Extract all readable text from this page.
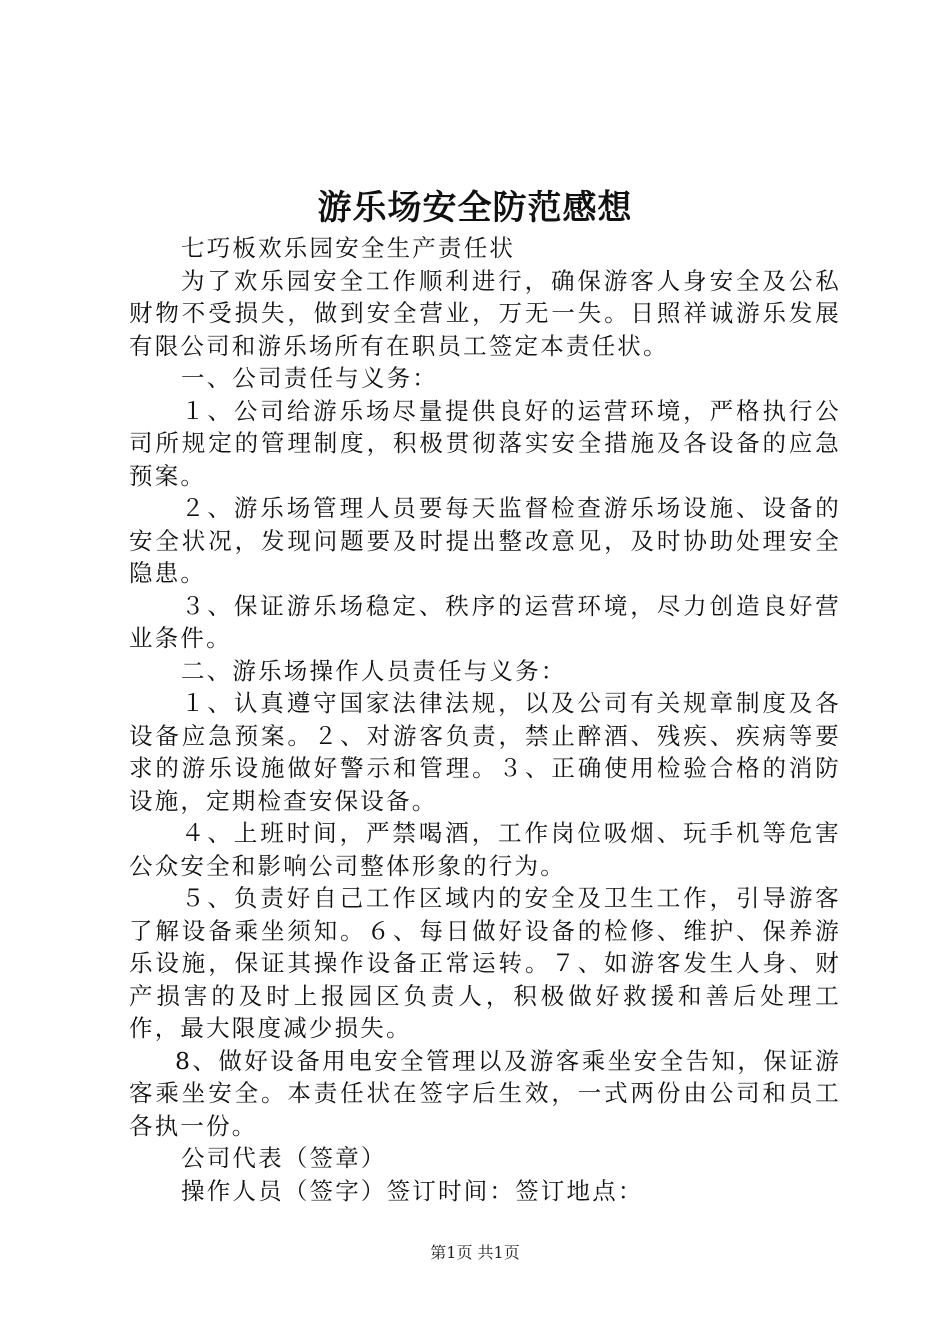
游乐场安全防范感想

七巧板欢乐园安全生产责任状

为了欢乐园安全工作顺利进行，确保游客人身安全及公私财物不受损失，做到安全营业，万无一失。日照祥诚游乐发展有限公司和游乐场所有在职员工签定本责任状。

一、公司责任与义务：

１、公司给游乐场尽量提供良好的运营环境，严格执行公司所规定的管理制度，积极贯彻落实安全措施及各设备的应急预案。

２、游乐场管理人员要每天监督检查游乐场设施、设备的安全状况，发现问题要及时提出整改意见，及时协助处理安全隐患。

３、保证游乐场稳定、秩序的运营环境，尽力创造良好营业条件。

二、游乐场操作人员责任与义务：

１、认真遵守国家法律法规，以及公司有关规章制度及各设备应急预案。２、对游客负责，禁止醉酒、残疾、疾病等要求的游乐设施做好警示和管理。３、正确使用检验合格的消防设施，定期检查安保设备。

４、上班时间，严禁喝酒，工作岗位吸烟、玩手机等危害公众安全和影响公司整体形象的行为。

５、负责好自己工作区域内的安全及卫生工作，引导游客了解设备乘坐须知。６、每日做好设备的检修、维护、保养游乐设施，保证其操作设备正常运转。７、如游客发生人身、财产损害的及时上报园区负责人，积极做好救援和善后处理工作，最大限度减少损失。

8、做好设备用电安全管理以及游客乘坐安全告知，保证游客乘坐安全。本责任状在签字后生效，一式两份由公司和员工各执一份。

公司代表（签章）

操作人员（签字）签订时间：签订地点：

第1页 共1页
